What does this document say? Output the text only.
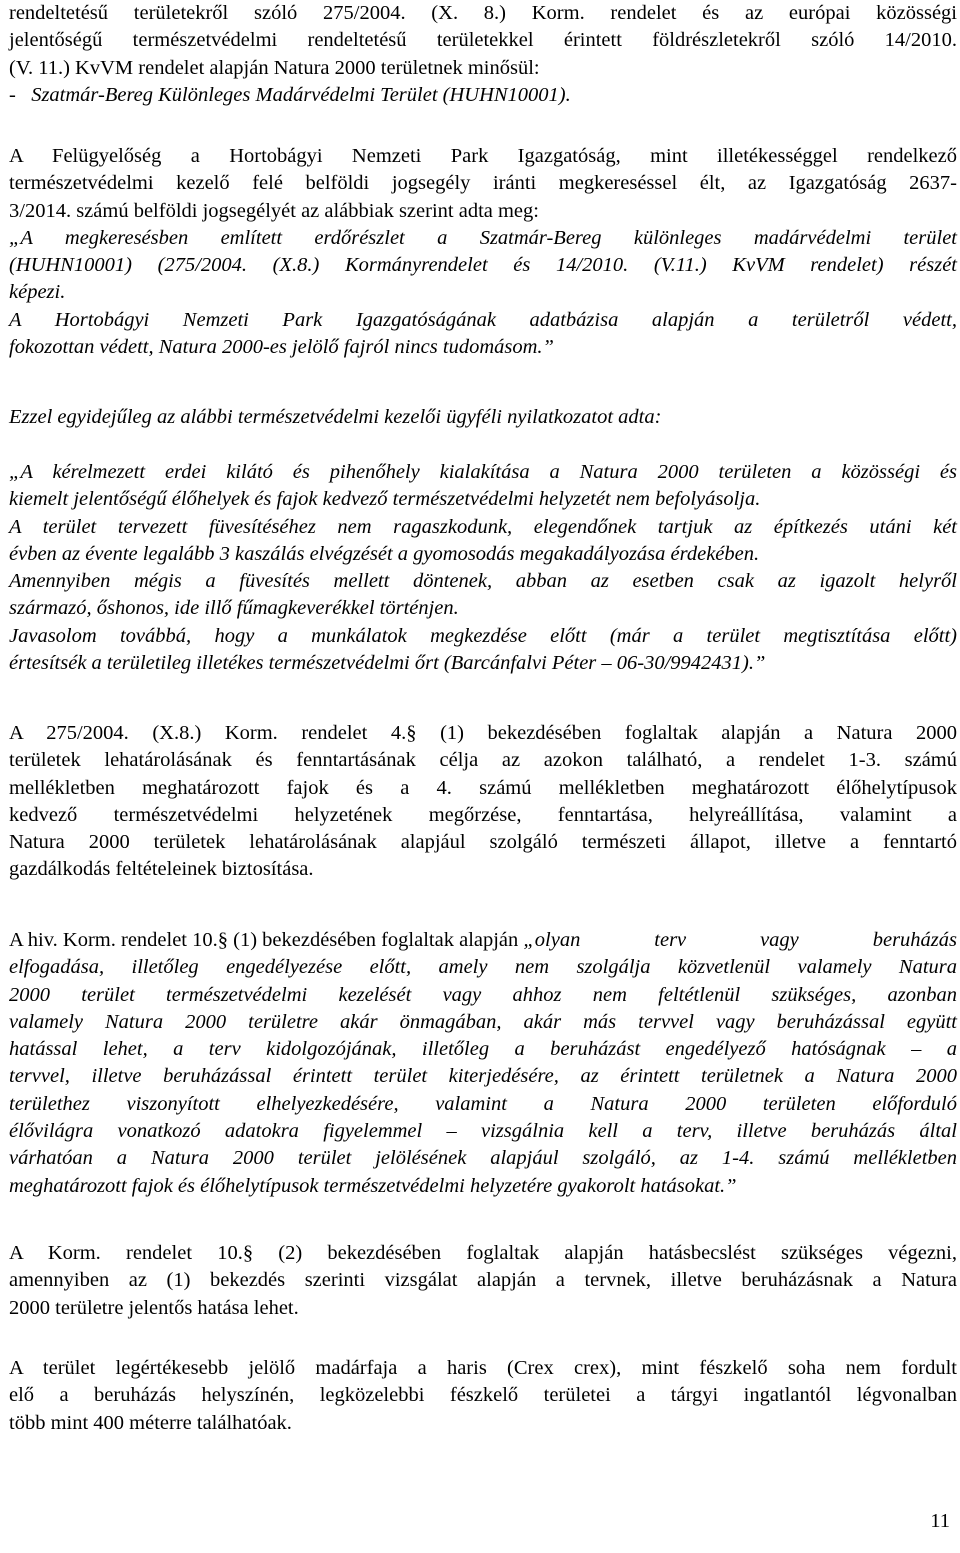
rendeltetésű területekről szóló 275/2004. (X. 8.) Korm. rendelet és az európai közösségi
jelentőségű természetvédelmi rendeltetésű területekkel érintett földrészletekről szóló 14/2010.
(V. 11.) KvVM rendelet alapján Natura 2000 területnek minősül:
-   Szatmár-Bereg Különleges Madárvédelmi Terület (HUHN10001).
A Felügyelőség a Hortobágyi Nemzeti Park Igazgatóság, mint illetékességgel rendelkező
természetvédelmi kezelő felé belföldi jogsegély iránti megkereséssel élt, az Igazgatóság 2637-
3/2014. számú belföldi jogsegélyét az alábbiak szerint adta meg:
„A megkeresésben említett erdőrészlet a Szatmár-Bereg különleges madárvédelmi terület
(HUHN10001) (275/2004. (X.8.) Kormányrendelet és 14/2010. (V.11.) KvVM rendelet) részét
képezi.
A Hortobágyi Nemzeti Park Igazgatóságának adatbázisa alapján a területről védett,
fokozottan védett, Natura 2000-es jelölő fajról nincs tudomásom.”
Ezzel egyidejűleg az alábbi természetvédelmi kezelői ügyféli nyilatkozatot adta:
„A kérelmezett erdei kilátó és pihenőhely kialakítása a Natura 2000 területen a közösségi és
kiemelt jelentőségű élőhelyek és fajok kedvező természetvédelmi helyzetét nem befolyásolja.
A terület tervezett füvesítéséhez nem ragaszkodunk, elegendőnek tartjuk az építkezés utáni két
évben az évente legalább 3 kaszálás elvégzését a gyomosodás megakadályozása érdekében.
Amennyiben mégis a füvesítés mellett döntenek, abban az esetben csak az igazolt helyről
származó, őshonos, ide illő fűmagkeverékkel történjen.
Javasolom továbbá, hogy a munkálatok megkezdése előtt (már a terület megtisztítása előtt)
értesítsék a területileg illetékes természetvédelmi őrt (Barcánfalvi Péter – 06-30/9942431).”
A 275/2004. (X.8.) Korm. rendelet 4.§ (1) bekezdésében foglaltak alapján a Natura 2000
területek lehatárolásának és fenntartásának célja az azokon található, a rendelet 1-3. számú
mellékletben meghatározott fajok és a 4. számú mellékletben meghatározott élőhelytípusok
kedvező természetvédelmi helyzetének megőrzése, fenntartása, helyreállítása, valamint a
Natura 2000 területek lehatárolásának alapjául szolgáló természeti állapot, illetve a fenntartó
gazdálkodás feltételeinek biztosítása.
A hiv. Korm. rendelet 10.§ (1) bekezdésében foglaltak alapján „olyan terv vagy beruházás
elfogadása, illetőleg engedélyezése előtt, amely nem szolgálja közvetlenül valamely Natura
2000 terület természetvédelmi kezelését vagy ahhoz nem feltétlenül szükséges, azonban
valamely Natura 2000 területre akár önmagában, akár más tervvel vagy beruházással együtt
hatással lehet, a terv kidolgozójának, illetőleg a beruházást engedélyező hatóságnak – a
tervvel, illetve beruházással érintett terület kiterjedésére, az érintett területnek a Natura 2000
területhez viszonyított elhelyezkedésére, valamint a Natura 2000 területen előforduló
élővilágra vonatkozó adatokra figyelemmel – vizsgálnia kell a terv, illetve beruházás által
várhatóan a Natura 2000 terület jelölésének alapjául szolgáló, az 1-4. számú mellékletben
meghatározott fajok és élőhelytípusok természetvédelmi helyzetére gyakorolt hatásokat.”
A Korm. rendelet 10.§ (2) bekezdésében foglaltak alapján hatásbecslést szükséges végezni,
amennyiben az (1) bekezdés szerinti vizsgálat alapján a tervnek, illetve beruházásnak a Natura
2000 területre jelentős hatása lehet.
A terület legértékesebb jelölő madárfaja a haris (Crex crex), mint fészkelő soha nem fordult
elő a beruházás helyszínén, legközelebbi fészkelő területei a tárgyi ingatlantól légvonalban
több mint 400 méterre találhatóak.
11
